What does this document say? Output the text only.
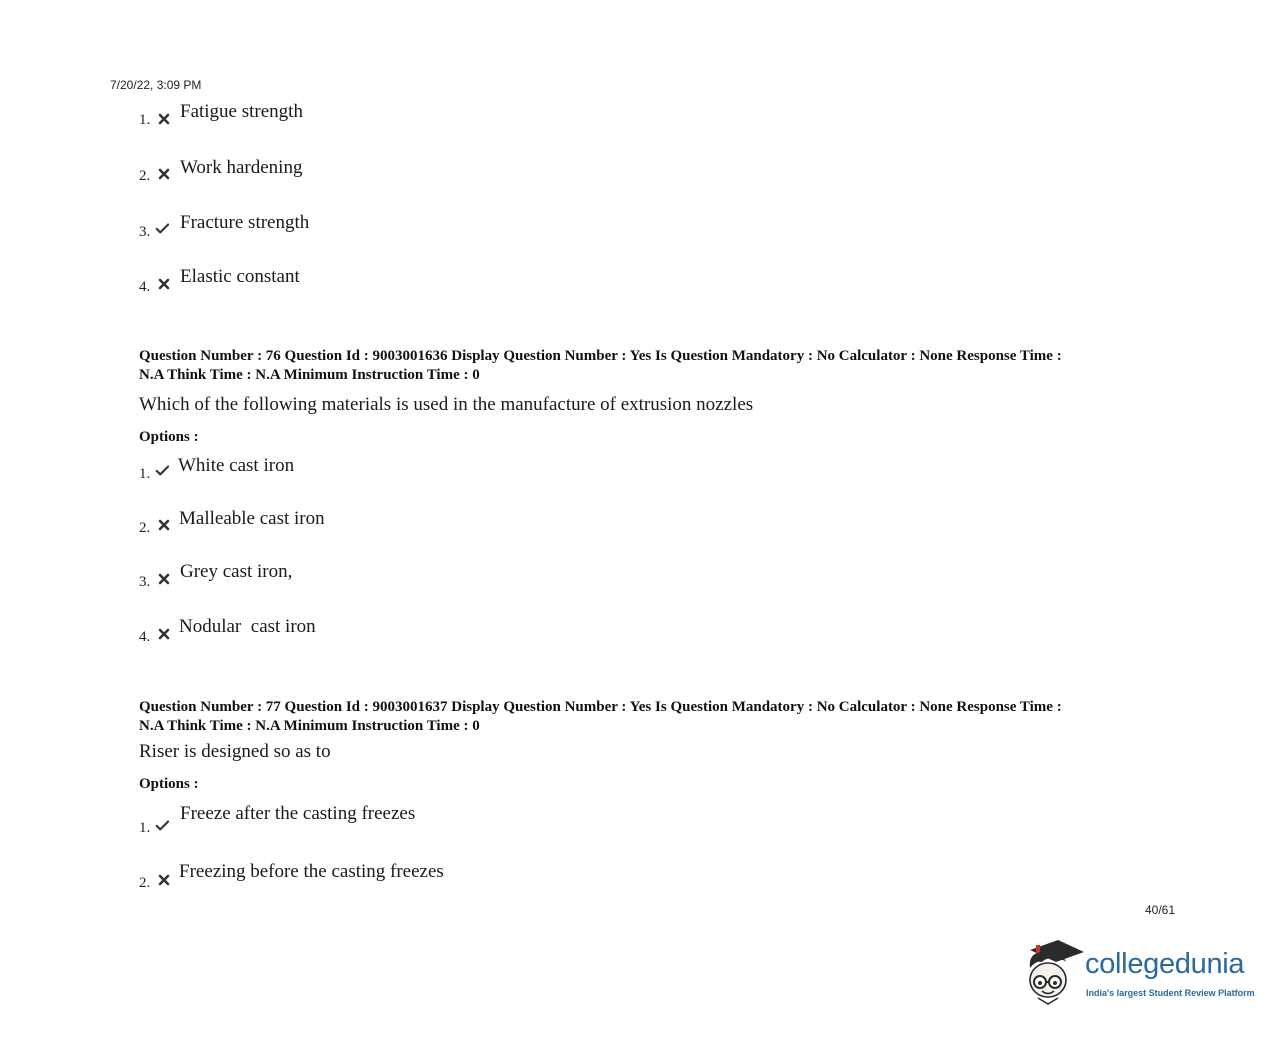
7/20/22, 3:09 PM
1. Fatigue strength
2. Work hardening
3. Fracture strength
4. Elastic constant
Question Number : 76 Question Id : 9003001636 Display Question Number : Yes Is Question Mandatory : No Calculator : None Response Time :
N.A Think Time : N.A Minimum Instruction Time : 0
Which of the following materials is used in the manufacture of extrusion nozzles
Options :
1. White cast iron
2. Malleable cast iron
3. Grey cast iron,
4. Nodular  cast iron
Question Number : 77 Question Id : 9003001637 Display Question Number : Yes Is Question Mandatory : No Calculator : None Response Time :
N.A Think Time : N.A Minimum Instruction Time : 0
Riser is designed so as to
Options :
1.
Freeze after the casting freezes
2.
Freezing before the casting freezes
40/61
collegedunia
India's largest Student Review Platform
